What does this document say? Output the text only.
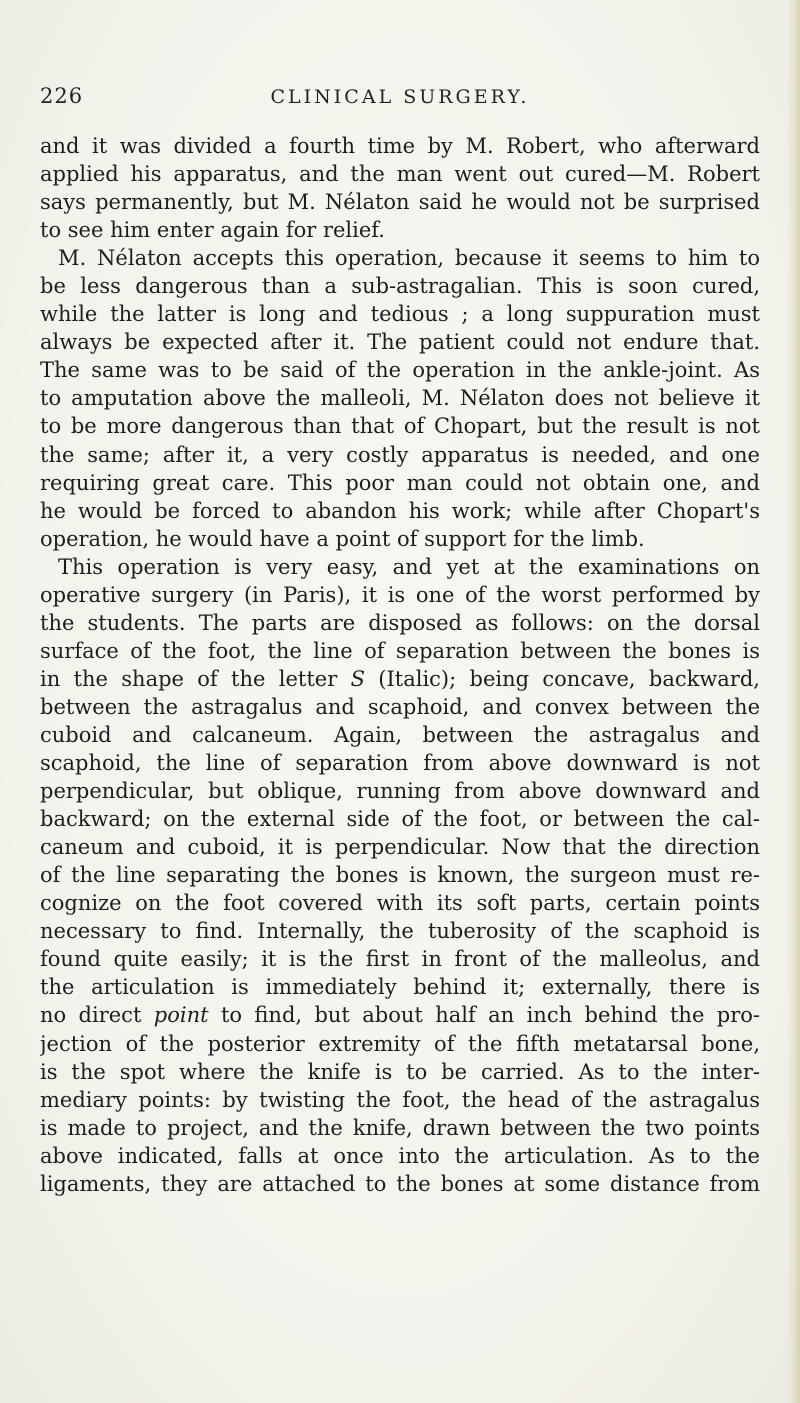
226	CLINICAL SURGERY.
and it was divided a fourth time by M. Robert, who afterward
applied his apparatus, and the man went out cured—M. Robert
says permanently, but M. Nélaton said he would not be surprised
to see him enter again for relief.
M. Nélaton accepts this operation, because it seems to him to
be less dangerous than a sub-astragalian. This is soon cured,
while the latter is long and tedious ; a long suppuration must
always be expected after it. The patient could not endure that.
The same was to be said of the operation in the ankle-joint. As
to amputation above the malleoli, M. Nélaton does not believe it
to be more dangerous than that of Chopart, but the result is not
the same; after it, a very costly apparatus is needed, and one
requiring great care. This poor man could not obtain one, and
he would be forced to abandon his work; while after Chopart's
operation, he would have a point of support for the limb.
This operation is very easy, and yet at the examinations on
operative surgery (in Paris), it is one of the worst performed by
the students. The parts are disposed as follows: on the dorsal
surface of the foot, the line of separation between the bones is
in the shape of the letter S (Italic); being concave, backward,
between the astragalus and scaphoid, and convex between the
cuboid and calcaneum. Again, between the astragalus and
scaphoid, the line of separation from above downward is not
perpendicular, but oblique, running from above downward and
backward; on the external side of the foot, or between the cal-
caneum and cuboid, it is perpendicular. Now that the direction
of the line separating the bones is known, the surgeon must re-
cognize on the foot covered with its soft parts, certain points
necessary to find. Internally, the tuberosity of the scaphoid is
found quite easily; it is the first in front of the malleolus, and
the articulation is immediately behind it; externally, there is
no direct point to find, but about half an inch behind the pro-
jection of the posterior extremity of the fifth metatarsal bone,
is the spot where the knife is to be carried. As to the inter-
mediary points: by twisting the foot, the head of the astragalus
is made to project, and the knife, drawn between the two points
above indicated, falls at once into the articulation. As to the
ligaments, they are attached to the bones at some distance from
